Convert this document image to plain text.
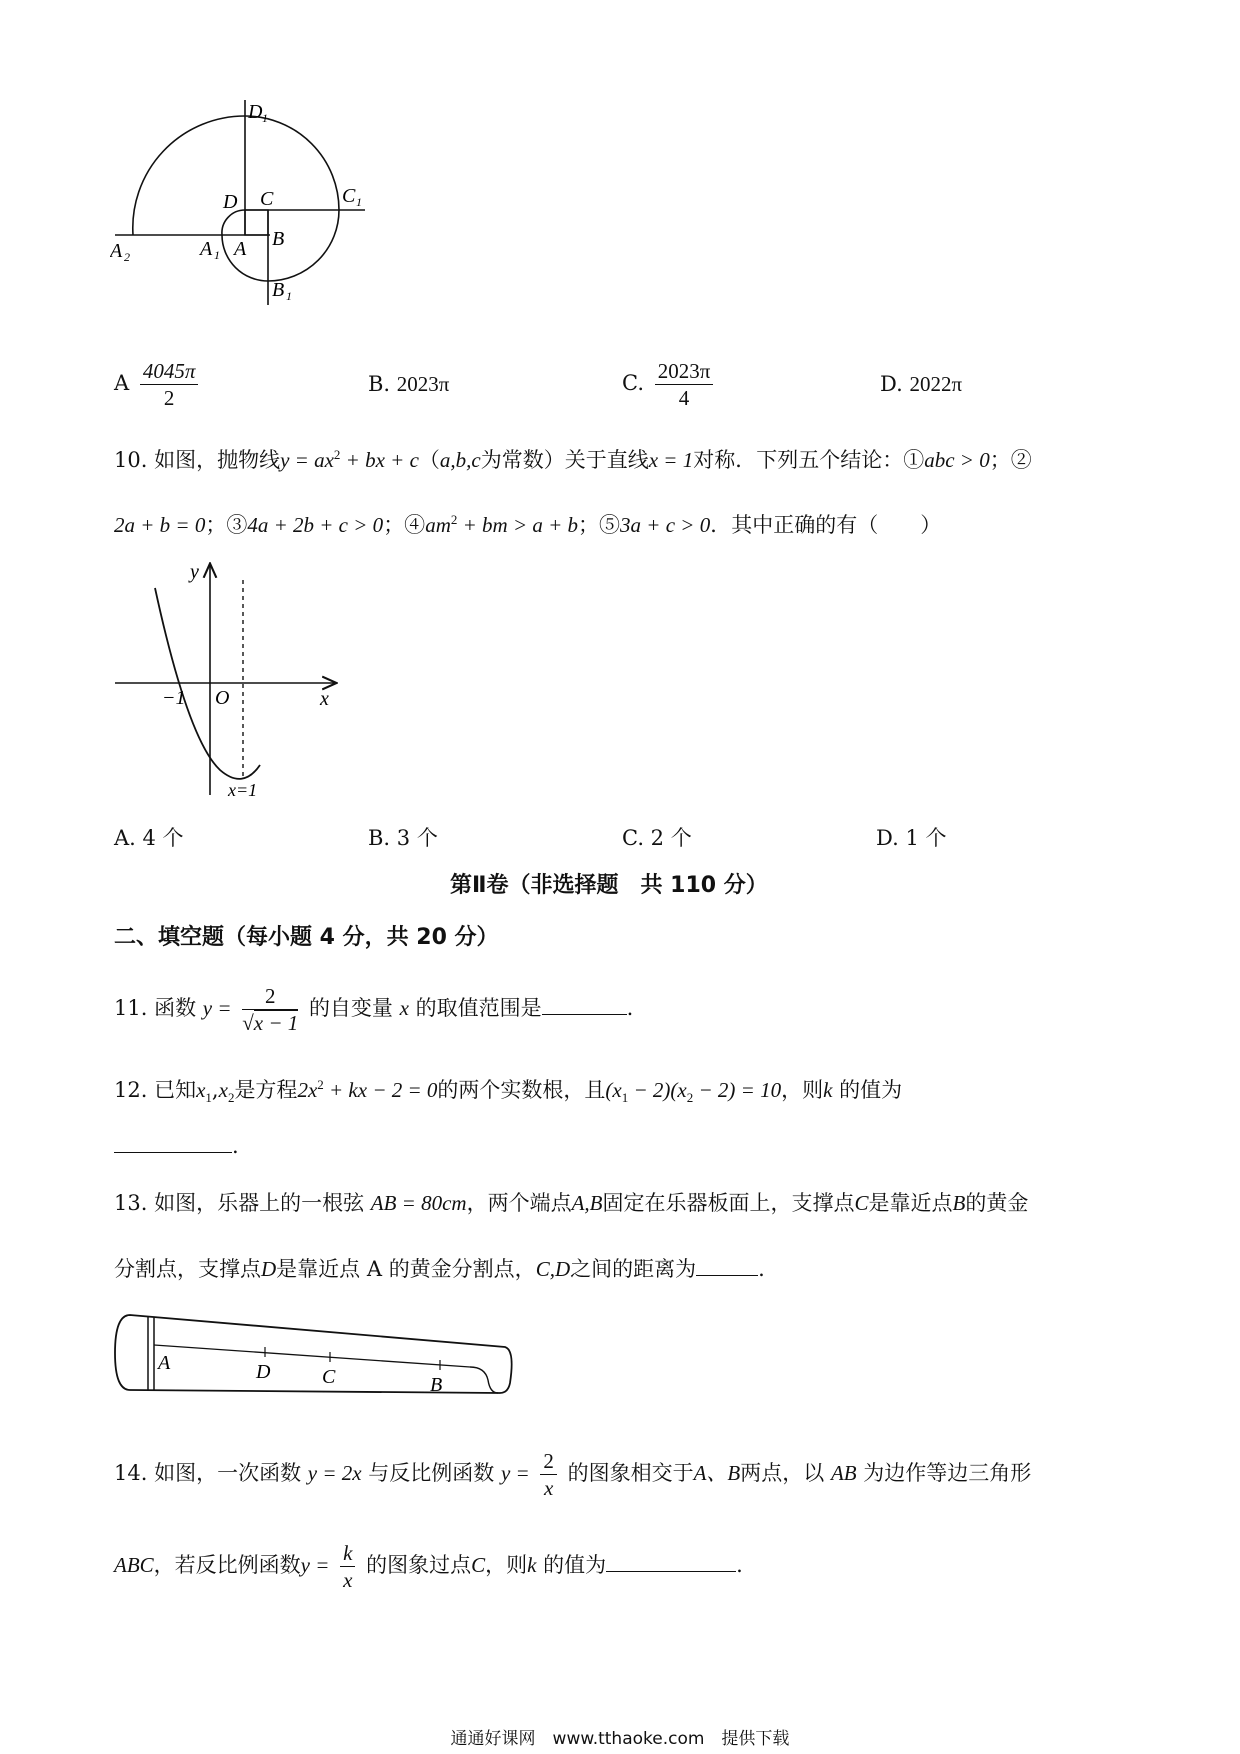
D 1
D C	C 1
A
A 1
A 2
B
B 1
A $\frac{4045\pi}{2}$	B. 2023π	C. $\frac{2023\pi}{4}$	D. 2022π
10. 如图，抛物线$y = ax^2$ + bx + c（a,b,c为常数）关于直线x = 1对称．下列五个结论：①abc > 0；②
2a + b = 0；③4a + 2b + c > 0；$④am^2$ + bm > a + b；⑤3a + c > 0．其中正确的有（　　）
y
x
O
−1
x=1
A. 4 个	B. 3 个	C. 2 个	D. 1 个
第Ⅱ卷（非选择题　共 110 分）
二、填空题（每小题 4 分，共 20 分）
11. 函数 $y = \frac{2}{√x - 1}$ 的自变量 x 的取值范围是	.
12. 已知$x_1,x_2$是方程$2x^2$ + kx − 2 = 0的两个实数根，且$(x_1 - 2)(x_2 - 2) = 10$，则k 的值为
.
13. 如图，乐器上的一根弦 AB = 80cm，两个端点A,B固定在乐器板面上，支撑点C是靠近点B的黄金
分割点，支撑点D是靠近点 A 的黄金分割点，C,D之间的距离为	.
A	D	C	B
14. 如图，一次函数 y = 2x 与反比例函数 $y = \frac{2}{x}$ 的图象相交于A、B两点，以 AB 为边作等边三角形
ABC，若反比例函数$y = \frac{k}{x}$ 的图象过点C，则k 的值为	.
通通好课网　www.tthaoke.com　提供下载
